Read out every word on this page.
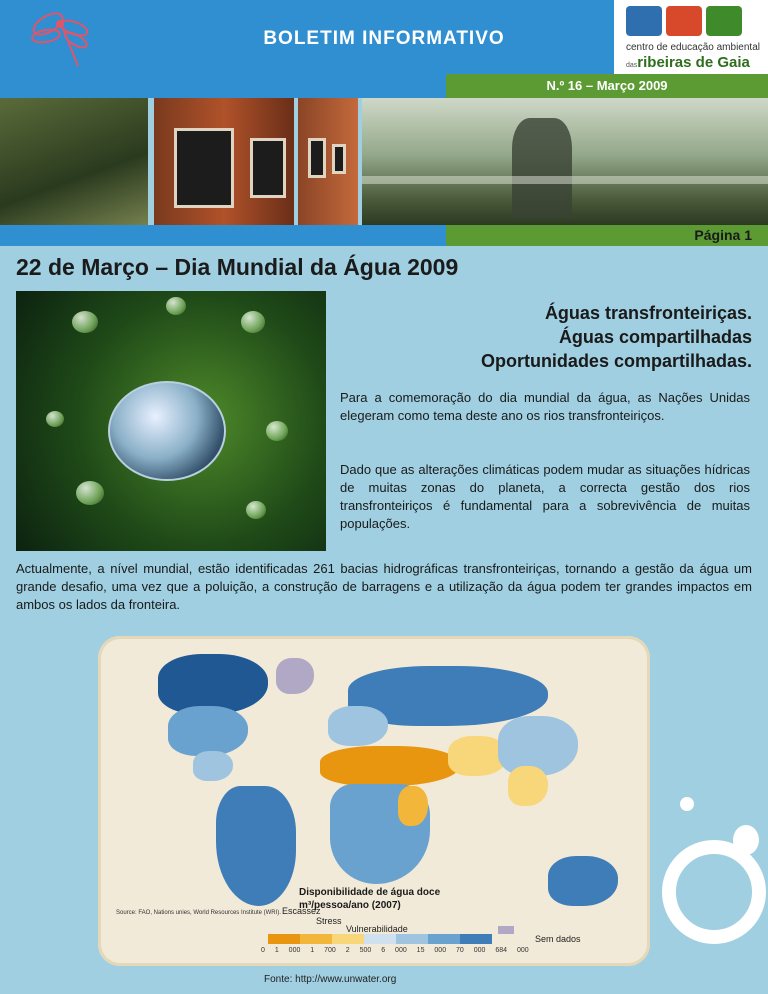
BOLETIM INFORMATIVO	centro de educação ambiental
dasribeiras de Gaia
N.º 16 – Março 2009
Página 1
22 de Março – Dia Mundial da Água 2009
Águas transfronteiriças.
Águas compartilhadas
Oportunidades compartilhadas.

Para a comemoração do dia mundial da água, as Nações Unidas elegeram como tema deste ano os rios transfronteiriços.

Dado que as alterações climáticas podem mudar as situações hídricas de muitas zonas do planeta, a correcta gestão dos rios transfronteiriços é fundamental para a sobrevivência de muitas populações.

Actualmente, a nível mundial, estão identificadas 261 bacias hidrográficas transfronteiriças, tornando a gestão da água um grande desafio, uma vez que a poluição, a construção de barragens e a utilização da água podem ter grandes impactos em ambos os lados da fronteira.

Disponibilidade de água doce
m³/pessoa/ano (2007)
Escassez
Stress
Vulnerabilidade
0 1 000 1 700 2 500 6 000 15 000 70 000 684 000
Source: FAO, Nations unies, World Resources Institute (WRI).
Sem dados
Fonte: http://www.unwater.org
